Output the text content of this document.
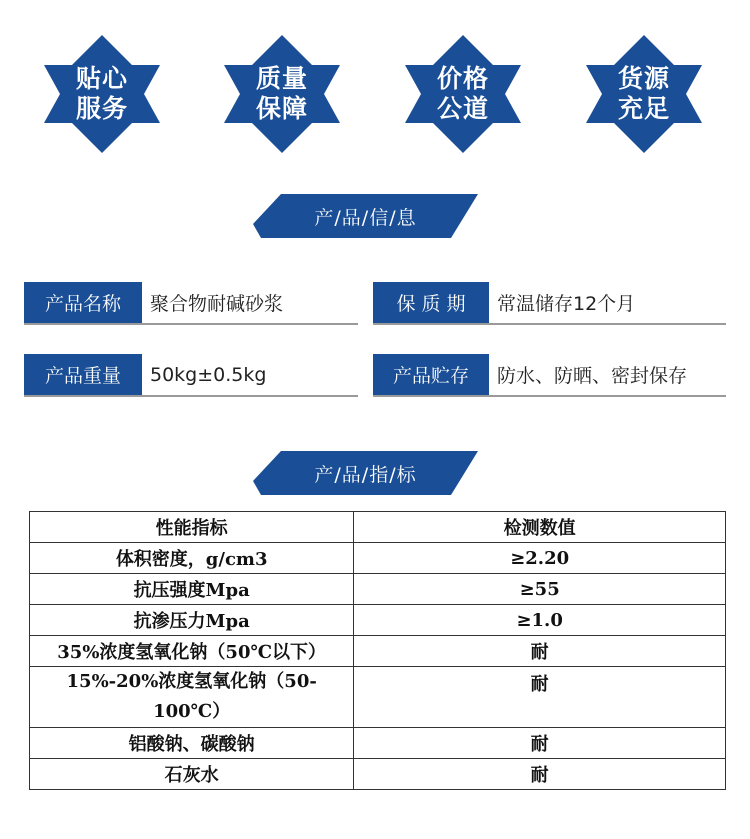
贴心
服务
质量
保障
价格
公道
货源
充足
产/品/信/息
产品名称	聚合物耐碱砂浆	保 质 期	常温储存12个月
产品重量	50kg±0.5kg	产品贮存	防水、防晒、密封保存
产/品/指/标
性能指标	检测数值
体积密度，g/cm3	≥2.20
抗压强度Mpa	≥55
抗渗压力Mpa	≥1.0
35%浓度氢氧化钠（50℃以下）	耐
15%-20%浓度氢氧化钠（50-100℃）	耐
铝酸钠、碳酸钠	耐
石灰水	耐
